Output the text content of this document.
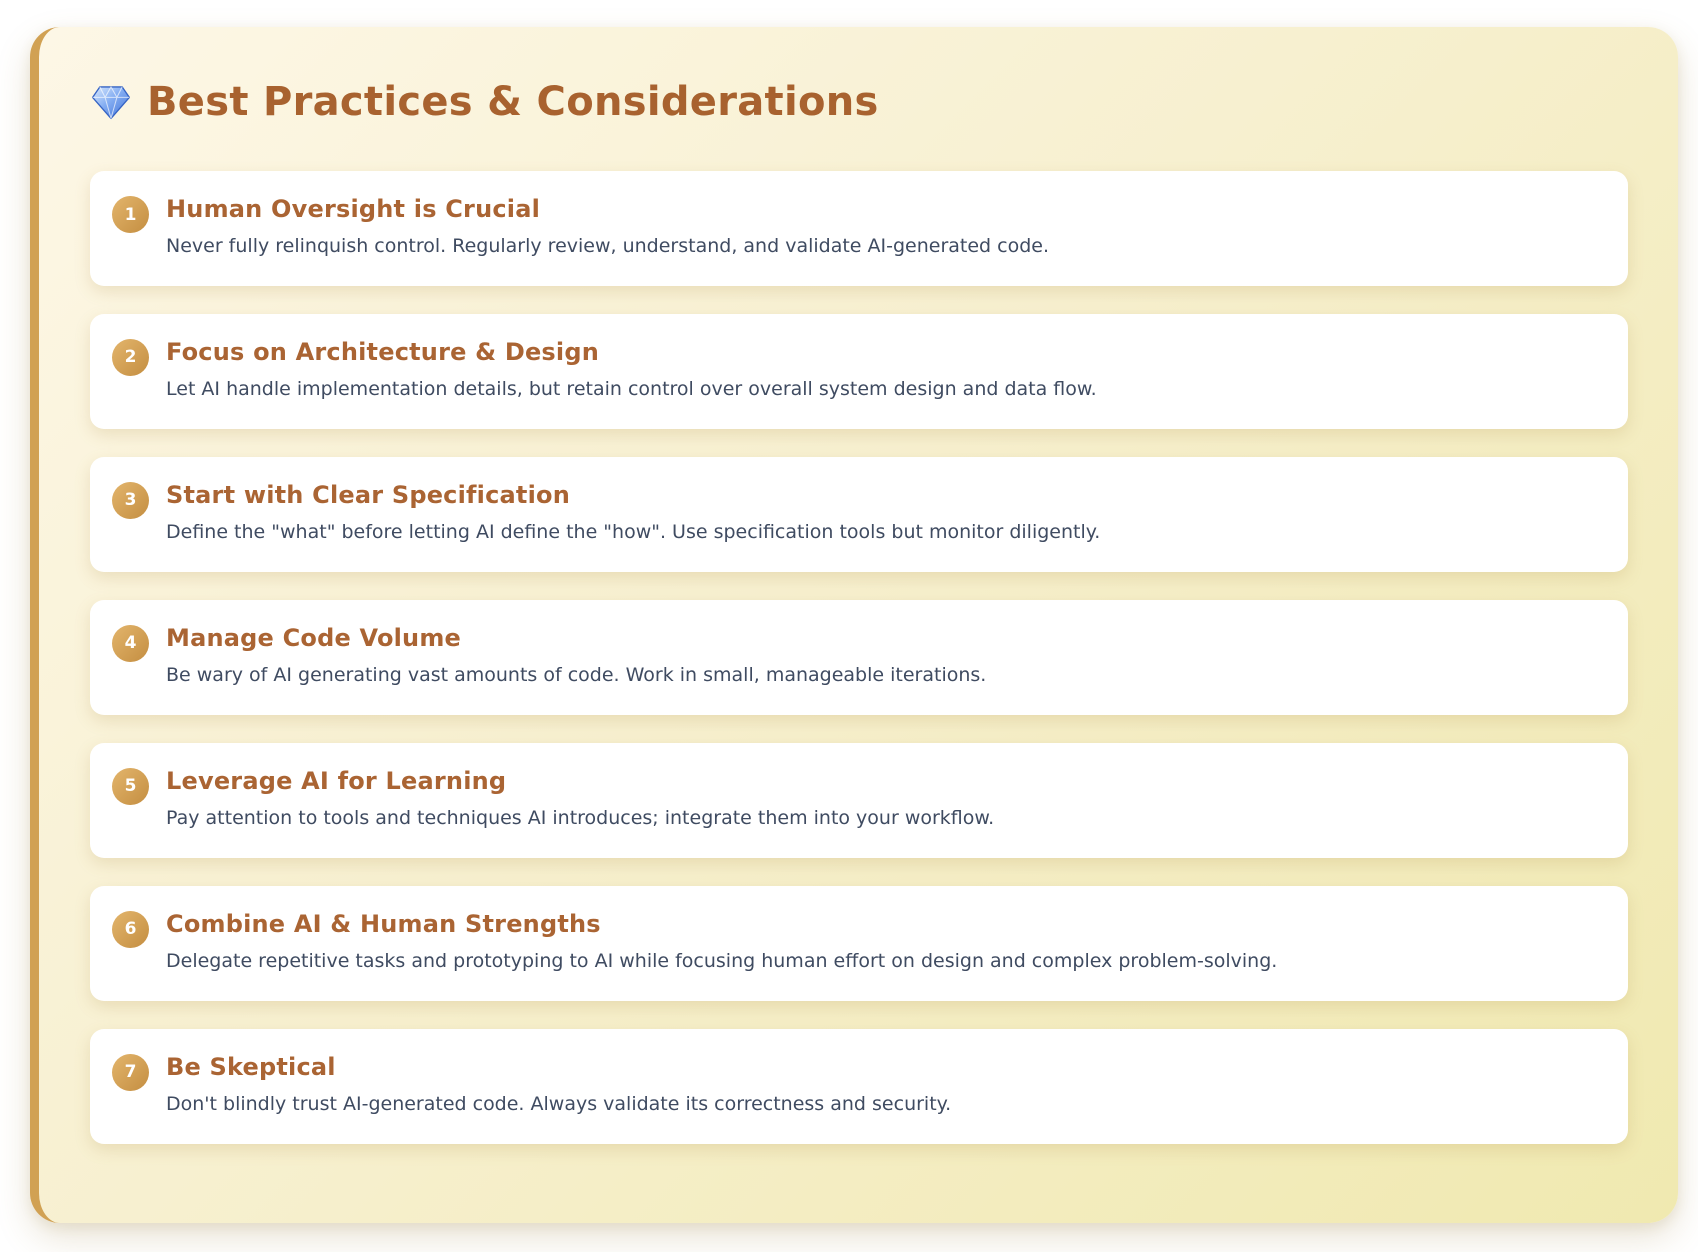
Best Practices & Considerations
1	Human Oversight is Crucial

Never fully relinquish control. Regularly review, understand, and validate AI-generated code.

2	Focus on Architecture & Design

Let AI handle implementation details, but retain control over overall system design and data flow.

3	Start with Clear Specification

Define the "what" before letting AI define the "how". Use specification tools but monitor diligently.

4	Manage Code Volume

Be wary of AI generating vast amounts of code. Work in small, manageable iterations.

5	Leverage AI for Learning

Pay attention to tools and techniques AI introduces; integrate them into your workflow.

6	Combine AI & Human Strengths

Delegate repetitive tasks and prototyping to AI while focusing human effort on design and complex problem-solving.

7	Be Skeptical

Don't blindly trust AI-generated code. Always validate its correctness and security.
